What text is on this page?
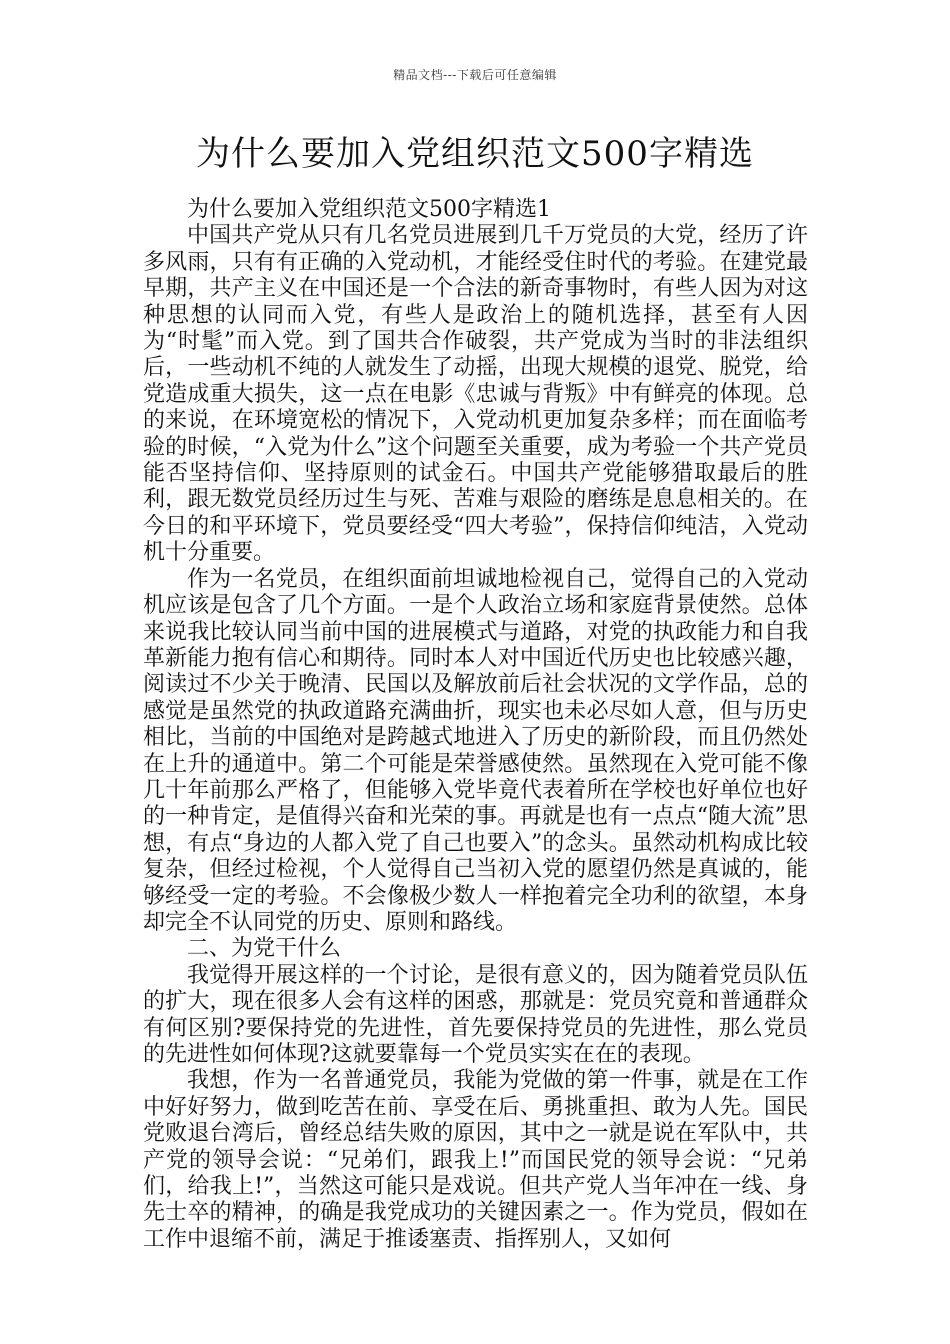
精品文档---下载后可任意编辑
为什么要加入党组织范文500字精选

为什么要加入党组织范文500字精选1

中国共产党从只有几名党员进展到几千万党员的大党，经历了许多风雨，只有有正确的入党动机，才能经受住时代的考验。在建党最早期，共产主义在中国还是一个合法的新奇事物时，有些人因为对这种思想的认同而入党，有些人是政治上的随机选择，甚至有人因为“时髦”而入党。到了国共合作破裂，共产党成为当时的非法组织后，一些动机不纯的人就发生了动摇，出现大规模的退党、脱党，给党造成重大损失，这一点在电影《忠诚与背叛》中有鲜亮的体现。总的来说，在环境宽松的情况下，入党动机更加复杂多样；而在面临考验的时候，“入党为什么”这个问题至关重要，成为考验一个共产党员能否坚持信仰、坚持原则的试金石。中国共产党能够猎取最后的胜利，跟无数党员经历过生与死、苦难与艰险的磨练是息息相关的。在今日的和平环境下，党员要经受“四大考验”，保持信仰纯洁，入党动机十分重要。

作为一名党员，在组织面前坦诚地检视自己，觉得自己的入党动机应该是包含了几个方面。一是个人政治立场和家庭背景使然。总体来说我比较认同当前中国的进展模式与道路，对党的执政能力和自我革新能力抱有信心和期待。同时本人对中国近代历史也比较感兴趣，阅读过不少关于晚清、民国以及解放前后社会状况的文学作品，总的感觉是虽然党的执政道路充满曲折，现实也未必尽如人意，但与历史相比，当前的中国绝对是跨越式地进入了历史的新阶段，而且仍然处在上升的通道中。第二个可能是荣誉感使然。虽然现在入党可能不像几十年前那么严格了，但能够入党毕竟代表着所在学校也好单位也好的一种肯定，是值得兴奋和光荣的事。再就是也有一点点“随大流”思想，有点“身边的人都入党了自己也要入”的念头。虽然动机构成比较复杂，但经过检视，个人觉得自己当初入党的愿望仍然是真诚的，能够经受一定的考验。不会像极少数人一样抱着完全功利的欲望，本身却完全不认同党的历史、原则和路线。

二、为党干什么

我觉得开展这样的一个讨论，是很有意义的，因为随着党员队伍的扩大，现在很多人会有这样的困惑，那就是：党员究竟和普通群众有何区别?要保持党的先进性，首先要保持党员的先进性，那么党员的先进性如何体现?这就要靠每一个党员实实在在的表现。

我想，作为一名普通党员，我能为党做的第一件事，就是在工作中好好努力，做到吃苦在前、享受在后、勇挑重担、敢为人先。国民党败退台湾后，曾经总结失败的原因，其中之一就是说在军队中，共产党的领导会说：“兄弟们，跟我上!”而国民党的领导会说：“兄弟们，给我上!”，当然这可能只是戏说。但共产党人当年冲在一线、身先士卒的精神，的确是我党成功的关键因素之一。作为党员，假如在工作中退缩不前，满足于推诿塞责、指挥别人，又如何
